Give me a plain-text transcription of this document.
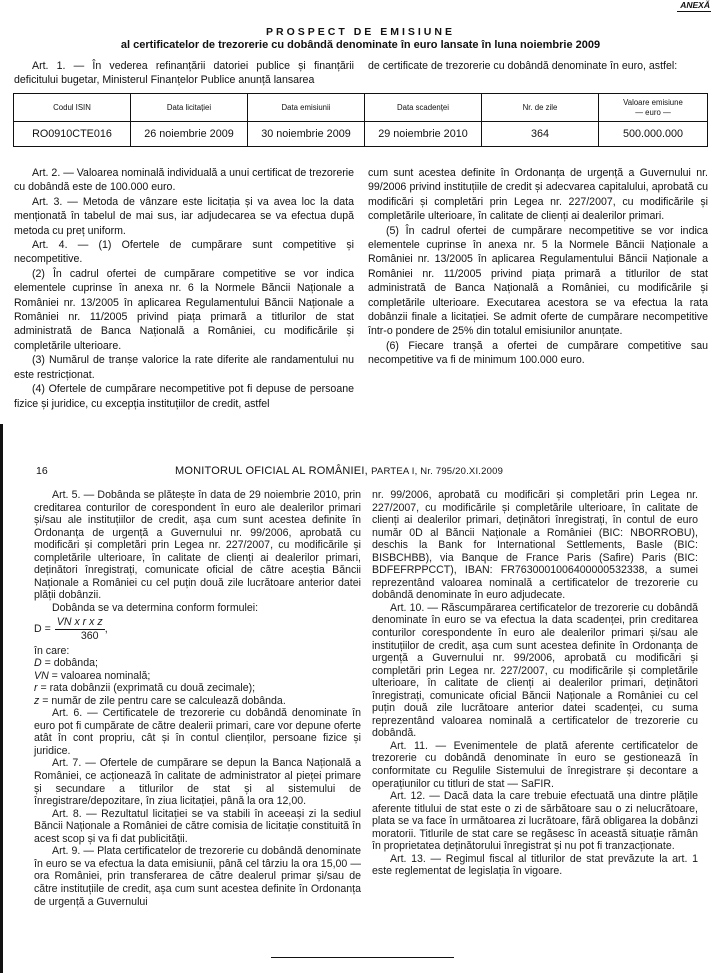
ANEXĂ
PROSPECT DE EMISIUNE
al certificatelor de trezorerie cu dobândă denominate în euro lansate în luna noiembrie 2009

Art. 1. — În vederea refinanțării datoriei publice și finanțării deficitului bugetar, Ministerul Finanțelor Publice anunță lansarea

de certificate de trezorerie cu dobândă denominate în euro, astfel:

Codul ISIN	Data licitației	Data emisiunii	Data scadenței	Nr. de zile	Valoare emisiune
— euro —
RO0910CTE016	26 noiembrie 2009	30 noiembrie 2009	29 noiembrie 2010	364	500.000.000

Art. 2. — Valoarea nominală individuală a unui certificat de trezorerie cu dobândă este de 100.000 euro.

Art. 3. — Metoda de vânzare este licitația și va avea loc la data menționată în tabelul de mai sus, iar adjudecarea se va efectua după metoda cu preț uniform.

Art. 4. — (1) Ofertele de cumpărare sunt competitive și necompetitive.

(2) În cadrul ofertei de cumpărare competitive se vor indica elementele cuprinse în anexa nr. 6 la Normele Băncii Naționale a României nr. 13/2005 în aplicarea Regulamentului Băncii Naționale a României nr. 11/2005 privind piața primară a titlurilor de stat administrată de Banca Națională a României, cu modificările și completările ulterioare.

(3) Numărul de tranșe valorice la rate diferite ale randamentului nu este restricționat.

(4) Ofertele de cumpărare necompetitive pot fi depuse de persoane fizice și juridice, cu excepția instituțiilor de credit, astfel

cum sunt acestea definite în Ordonanța de urgență a Guvernului nr. 99/2006 privind instituțiile de credit și adecvarea capitalului, aprobată cu modificări și completări prin Legea nr. 227/2007, cu modificările și completările ulterioare, în calitate de clienți ai dealerilor primari.

(5) În cadrul ofertei de cumpărare necompetitive se vor indica elementele cuprinse în anexa nr. 5 la Normele Băncii Naționale a României nr. 13/2005 în aplicarea Regulamentului Băncii Naționale a României nr. 11/2005 privind piața primară a titlurilor de stat administrată de Banca Națională a României, cu modificările și completările ulterioare. Executarea acestora se va efectua la rata dobânzii finale a licitației. Se admit oferte de cumpărare necompetitive într-o pondere de 25% din totalul emisiunilor anunțate.

(6) Fiecare tranșă a ofertei de cumpărare competitive sau necompetitive va fi de minimum 100.000 euro.

16	MONITORUL OFICIAL AL ROMÂNIEI, PARTEA I, Nr. 795/20.XI.2009

Art. 5. — Dobânda se plătește în data de 29 noiembrie 2010, prin creditarea conturilor de corespondent în euro ale dealerilor primari și/sau ale instituțiilor de credit, așa cum sunt acestea definite în Ordonanța de urgență a Guvernului nr. 99/2006, aprobată cu modificări și completări prin Legea nr. 227/2007, cu modificările și completările ulterioare, în calitate de clienți ai dealerilor primari, deținători înregistrați, comunicate oficial de către aceștia Băncii Naționale a României cu cel puțin două zile lucrătoare anterior datei plății dobânzii.

Dobânda se va determina conform formulei:

$D = \frac{\text{VN x r x z}}{360}$ ,

în care:

D = dobânda;

VN = valoarea nominală;

r = rata dobânzii (exprimată cu două zecimale);

z = număr de zile pentru care se calculează dobânda.

Art. 6. — Certificatele de trezorerie cu dobândă denominate în euro pot fi cumpărate de către dealerii primari, care vor depune oferte atât în cont propriu, cât și în contul clienților, persoane fizice și juridice.

Art. 7. — Ofertele de cumpărare se depun la Banca Națională a României, ce acționează în calitate de administrator al pieței primare și secundare a titlurilor de stat și al sistemului de înregistrare/depozitare, în ziua licitației, până la ora 12,00.

Art. 8. — Rezultatul licitației se va stabili în aceeași zi la sediul Băncii Naționale a României de către comisia de licitație constituită în acest scop și va fi dat publicității.

Art. 9. — Plata certificatelor de trezorerie cu dobândă denominate în euro se va efectua la data emisiunii, până cel târziu la ora 15,00 — ora României, prin transferarea de către dealerul primar și/sau de către instituțiile de credit, așa cum sunt acestea definite în Ordonanța de urgență a Guvernului

nr. 99/2006, aprobată cu modificări și completări prin Legea nr. 227/2007, cu modificările și completările ulterioare, în calitate de clienți ai dealerilor primari, deținători înregistrați, în contul de euro număr 0D al Băncii Naționale a României (BIC: NBORROBU), deschis la Bank for International Settlements, Basle (BIC: BISBCHBB), via Banque de France Paris (Safire) Paris (BIC: BDFEFRPPCCT), IBAN: FR7630001006400000532338, a sumei reprezentând valoarea nominală a certificatelor de trezorerie cu dobândă denominate în euro adjudecate.

Art. 10. — Răscumpărarea certificatelor de trezorerie cu dobândă denominate în euro se va efectua la data scadenței, prin creditarea conturilor corespondente în euro ale dealerilor primari și/sau ale instituțiilor de credit, așa cum sunt acestea definite în Ordonanța de urgență a Guvernului nr. 99/2006, aprobată cu modificări și completări prin Legea nr. 227/2007, cu modificările și completările ulterioare, în calitate de clienți ai dealerilor primari, deținători înregistrați, comunicate oficial Băncii Naționale a României cu cel puțin două zile lucrătoare anterior datei scadenței, cu suma reprezentând valoarea nominală a certificatelor de trezorerie cu dobândă.

Art. 11. — Evenimentele de plată aferente certificatelor de trezorerie cu dobândă denominate în euro se gestionează în conformitate cu Regulile Sistemului de înregistrare și decontare a operațiunilor cu titluri de stat — SaFIR.

Art. 12. — Dacă data la care trebuie efectuată una dintre plățile aferente titlului de stat este o zi de sărbătoare sau o zi nelucrătoare, plata se va face în următoarea zi lucrătoare, fără obligarea la dobânzi moratorii. Titlurile de stat care se regăsesc în această situație rămân în proprietatea deținătorului înregistrat și nu pot fi tranzacționate.

Art. 13. — Regimul fiscal al titlurilor de stat prevăzute la art. 1 este reglementat de legislația în vigoare.
